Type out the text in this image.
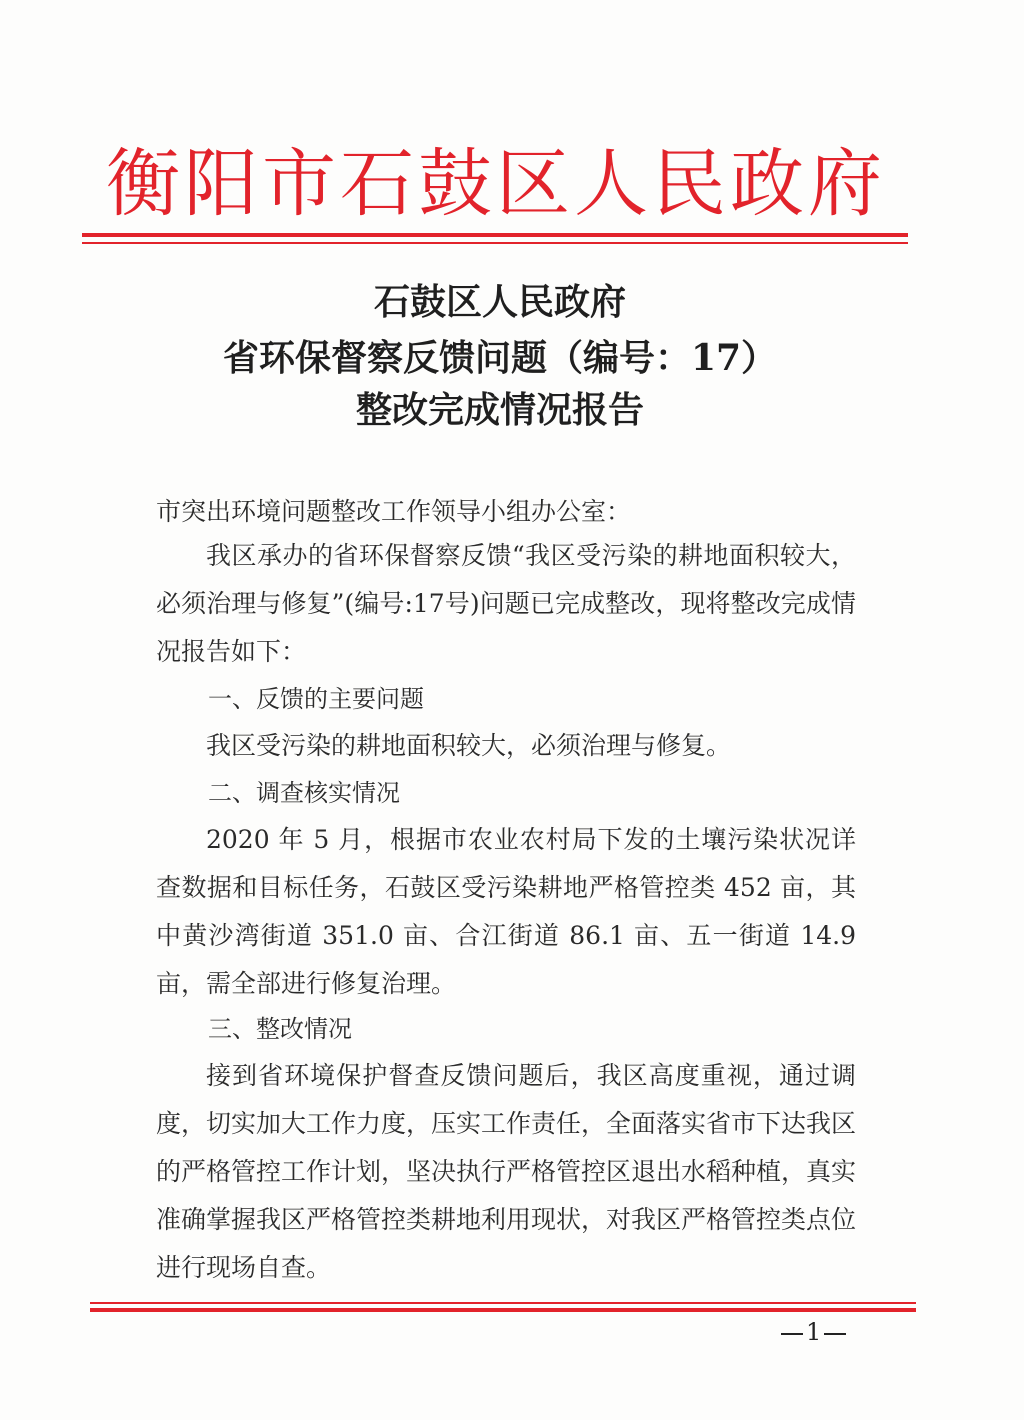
衡阳市石鼓区人民政府
石鼓区人民政府
省环保督察反馈问题（编号：17）
整改完成情况报告
市突出环境问题整改工作领导小组办公室：
我区承办的省环保督察反馈“我区受污染的耕地面积较大，必须治理与修复”(编号:17号)问题已完成整改，现将整改完成情况报告如下：
一、反馈的主要问题
我区受污染的耕地面积较大，必须治理与修复。
二、调查核实情况
2020 年 5 月，根据市农业农村局下发的土壤污染状况详查数据和目标任务，石鼓区受污染耕地严格管控类 452 亩，其中黄沙湾街道 351.0 亩、合江街道 86.1 亩、五一街道 14.9 亩，需全部进行修复治理。
三、整改情况
接到省环境保护督查反馈问题后，我区高度重视，通过调度，切实加大工作力度，压实工作责任，全面落实省市下达我区的严格管控工作计划，坚决执行严格管控区退出水稻种植，真实准确掌握我区严格管控类耕地利用现状，对我区严格管控类点位进行现场自查。
1
